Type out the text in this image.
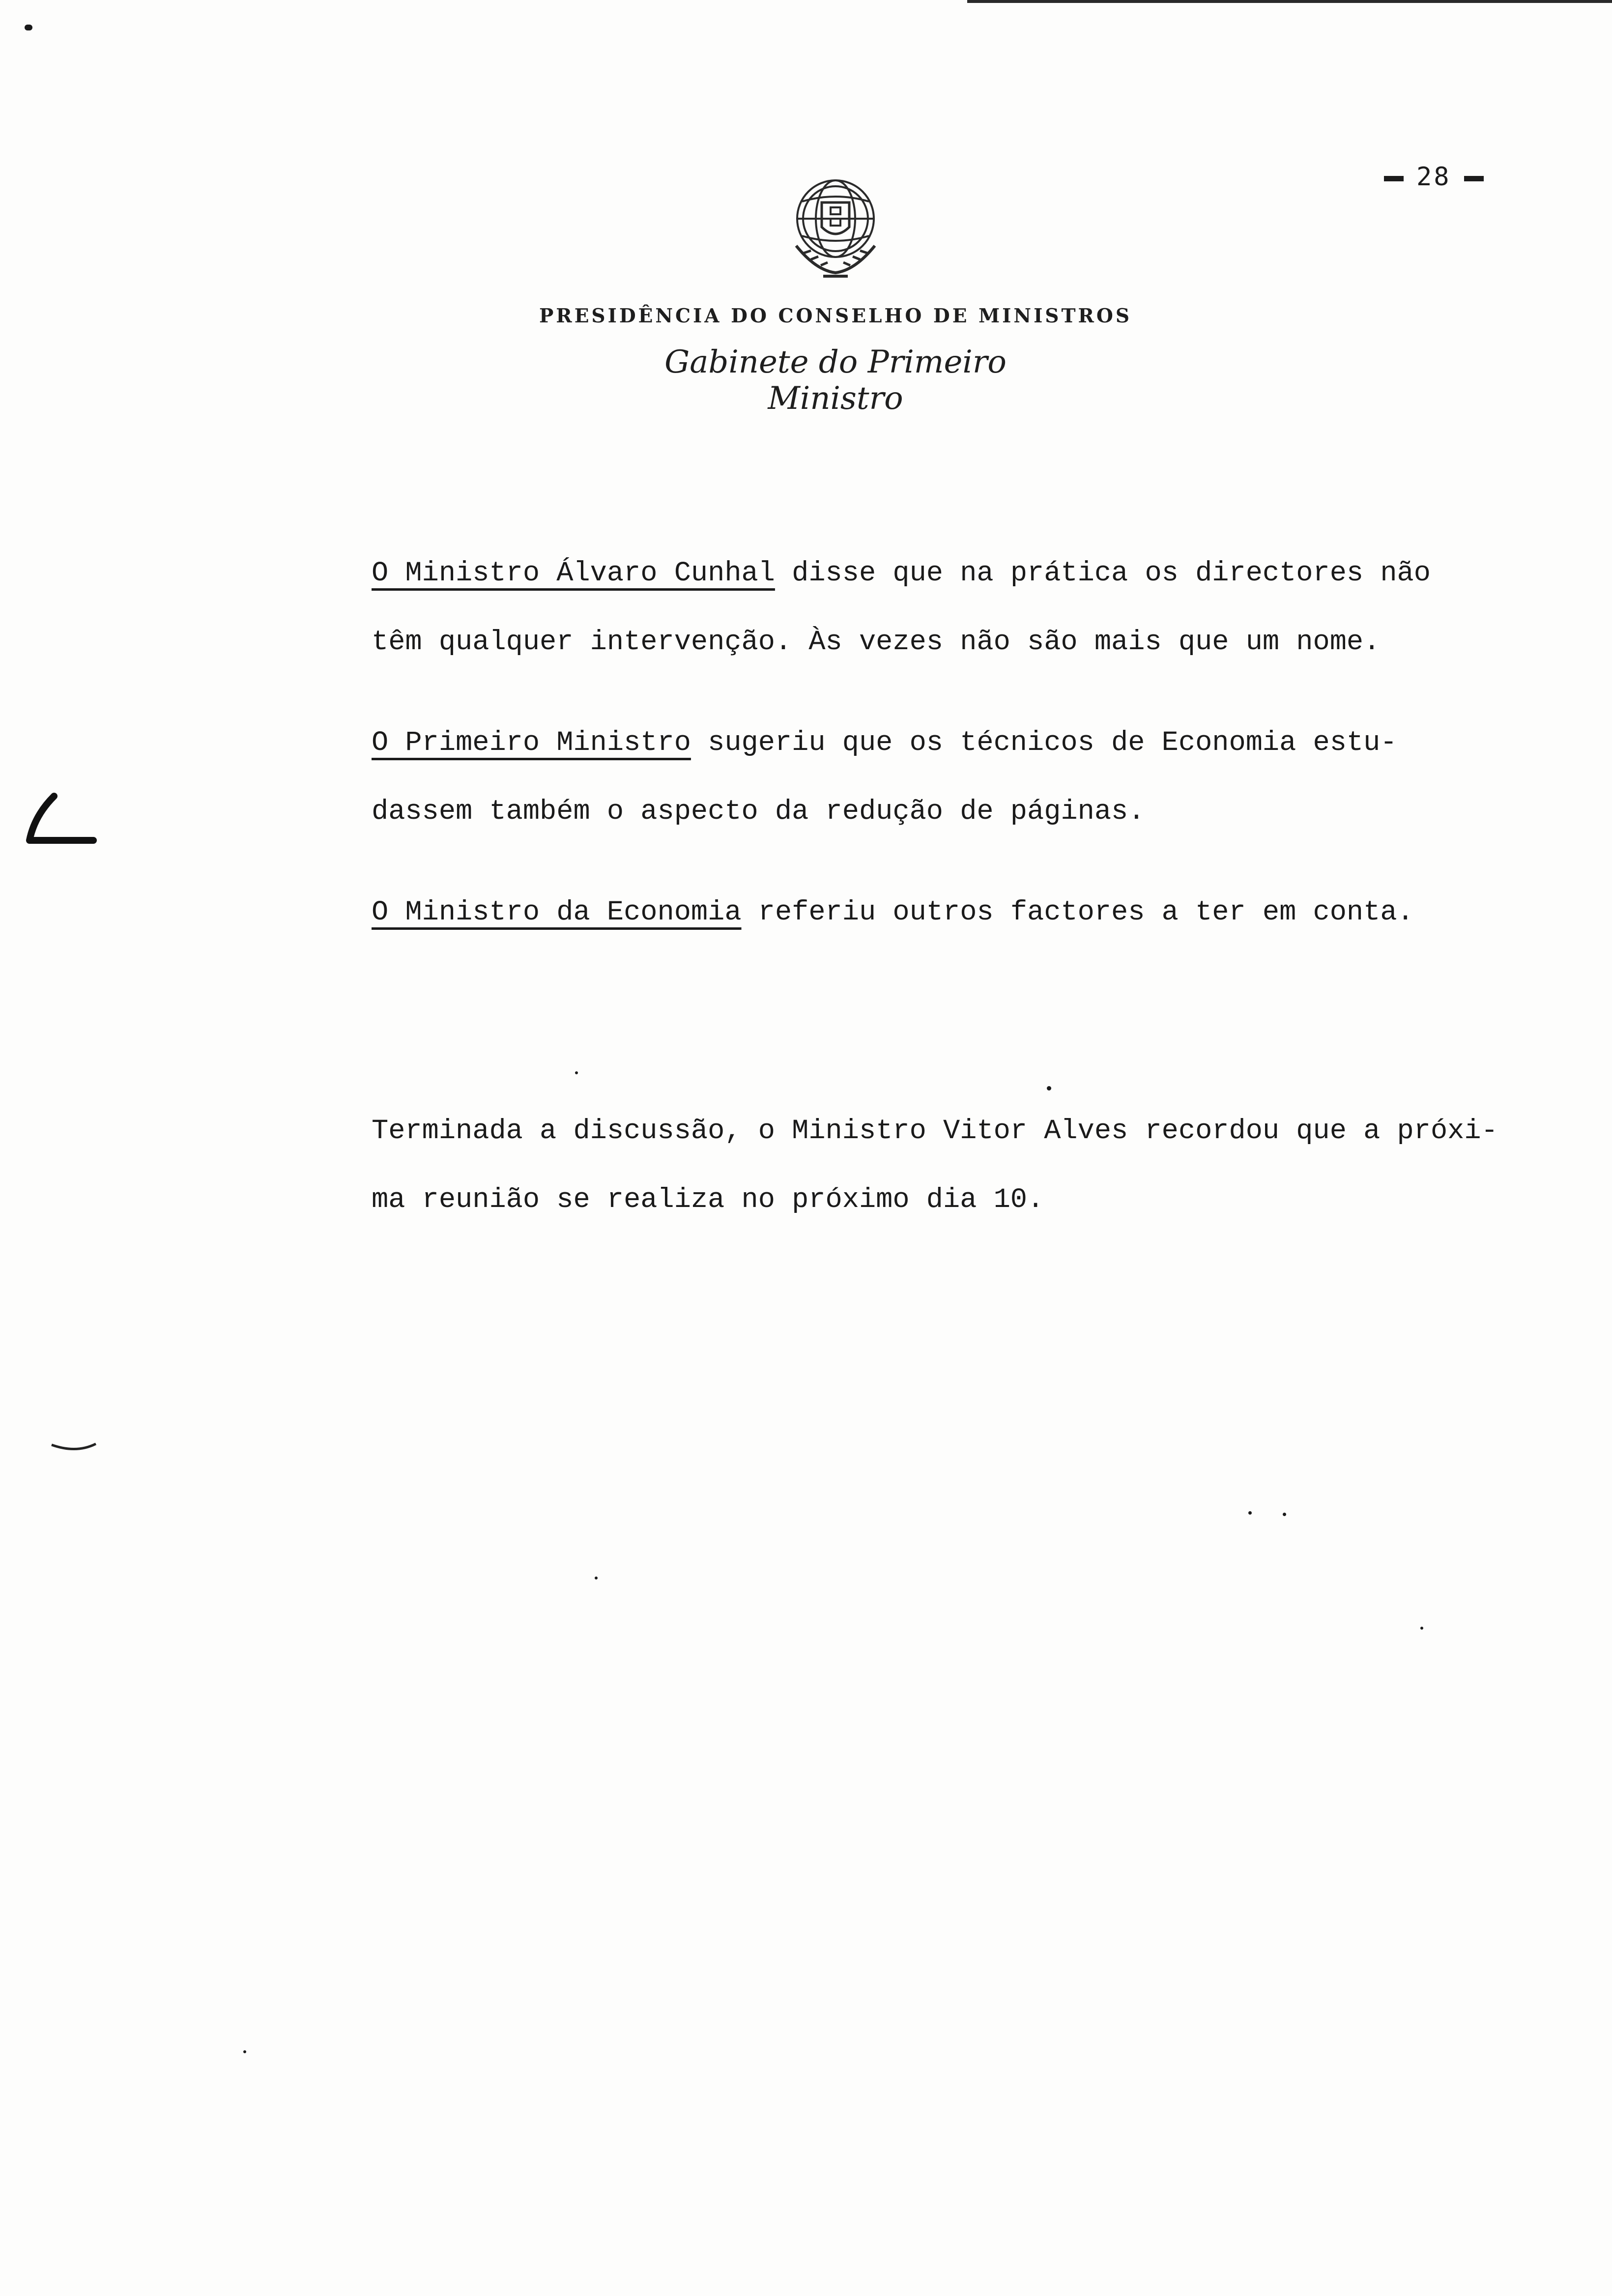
28
PRESIDÊNCIA DO CONSELHO DE MINISTROS
Gabinete do Primeiro Ministro
O Ministro Álvaro Cunhal disse que na prática os directores não
têm qualquer intervenção. Às vezes não são mais que um nome.
O Primeiro Ministro sugeriu que os técnicos de Economia estu-
dassem também o aspecto da redução de páginas.
O Ministro da Economia referiu outros factores a ter em conta.
Terminada a discussão, o Ministro Vitor Alves recordou que a próxi-
ma reunião se realiza no próximo dia 10.
